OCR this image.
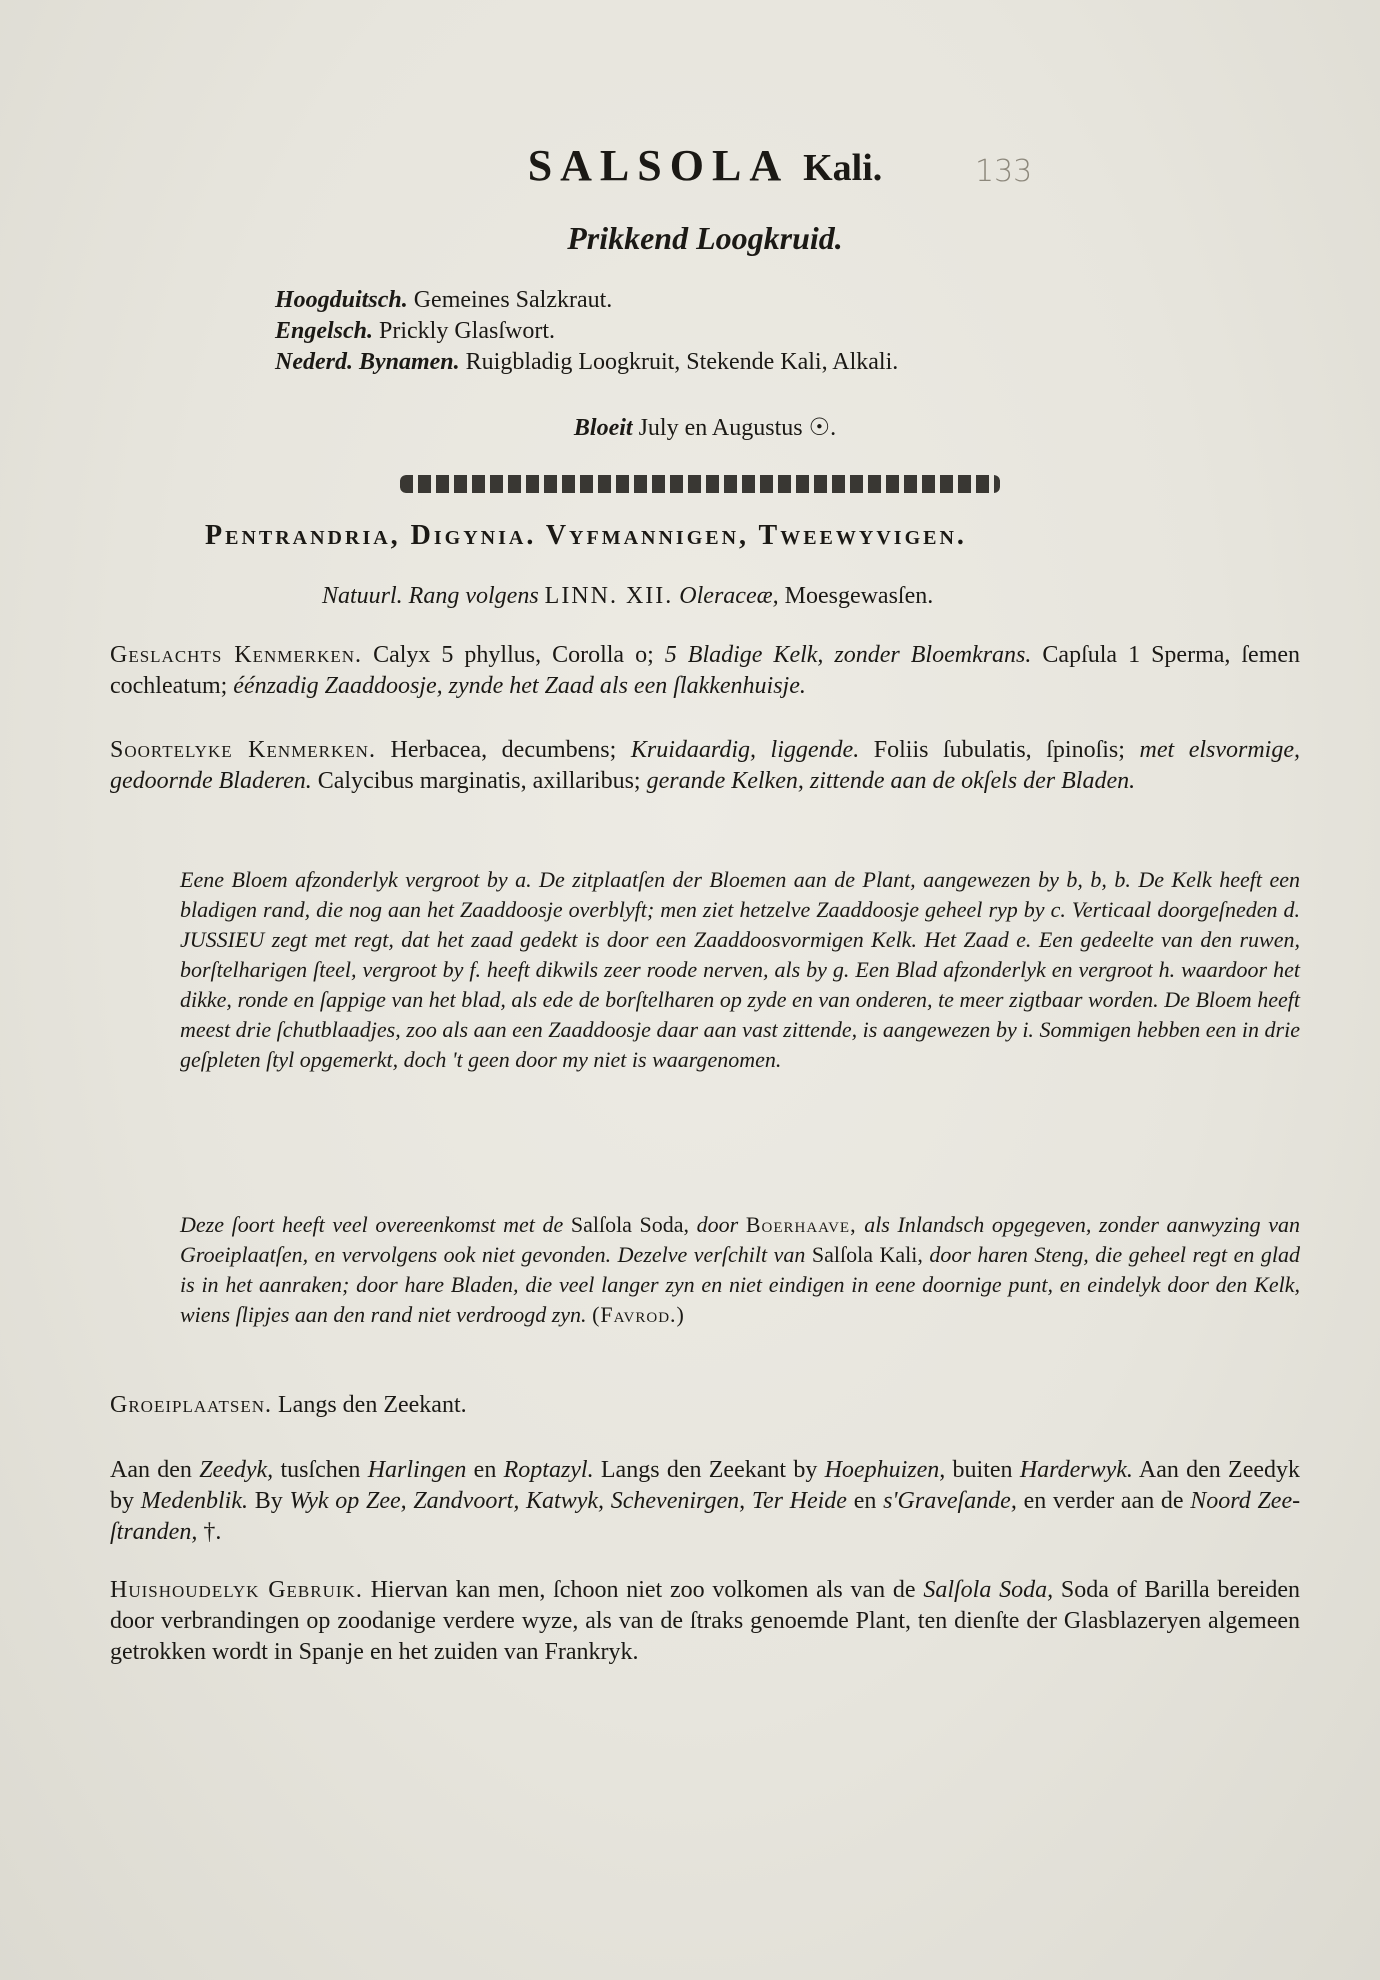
SALSOLA Kali.	133
Prikkend Loogkruid.
Hoogduitsch. Gemeines Salzkraut.
Engelsch. Prickly Glasſwort.
Nederd. Bynamen. Ruigbladig Loogkruit, Stekende Kali, Alkali.
Bloeit July en Augustus ☉.
Pentrandria, Digynia. Vyfmannigen, Tweewyvigen.
Natuurl. Rang volgens LINN. XII. Oleraceæ, Moesgewasſen.
Geslachts Kenmerken. Calyx 5 phyllus, Corolla o; 5 Bladige Kelk, zonder Bloemkrans. Capſula 1 Sperma, ſemen cochleatum; éénzadig Zaaddoosje, zynde het Zaad als een ſlakkenhuisje.
Soortelyke Kenmerken. Herbacea, decumbens; Kruidaardig, liggende. Foliis ſubulatis, ſpinoſis; met elsvormige, gedoornde Bladeren. Calycibus marginatis, axillaribus; gerande Kelken, zittende aan de okſels der Bladen.
Eene Bloem afzonderlyk vergroot by a. De zitplaatſen der Bloemen aan de Plant, aangewezen by b, b, b. De Kelk heeft een bladigen rand, die nog aan het Zaaddoosje overblyft; men ziet hetzelve Zaaddoosje geheel ryp by c. Verticaal doorgeſneden d. JUSSIEU zegt met regt, dat het zaad gedekt is door een Zaaddoosvormigen Kelk. Het Zaad e. Een gedeelte van den ruwen, borſtelharigen ſteel, vergroot by f. heeft dikwils zeer roode nerven, als by g. Een Blad afzonderlyk en vergroot h. waardoor het dikke, ronde en ſappige van het blad, als ede de borſtelharen op zyde en van onderen, te meer zigtbaar worden. De Bloem heeft meest drie ſchutblaadjes, zoo als aan een Zaaddoosje daar aan vast zittende, is aangewezen by i. Sommigen hebben een in drie geſpleten ſtyl opgemerkt, doch 't geen door my niet is waargenomen.
Deze ſoort heeft veel overeenkomst met de Salſola Soda, door Boerhaave, als Inlandsch opgegeven, zonder aanwyzing van Groeiplaatſen, en vervolgens ook niet gevonden. Dezelve verſchilt van Salſola Kali, door haren Steng, die geheel regt en glad is in het aanraken; door hare Bladen, die veel langer zyn en niet eindigen in eene doornige punt, en eindelyk door den Kelk, wiens ſlipjes aan den rand niet verdroogd zyn. (Favrod.)
Groeiplaatsen. Langs den Zeekant.
Aan den Zeedyk, tusſchen Harlingen en Roptazyl. Langs den Zeekant by Hoephuizen, buiten Harderwyk. Aan den Zeedyk by Medenblik. By Wyk op Zee, Zandvoort, Katwyk, Schevenirgen, Ter Heide en s'Graveſande, en verder aan de Noord Zee-ſtranden, †.
Huishoudelyk Gebruik. Hiervan kan men, ſchoon niet zoo volkomen als van de Salſola Soda, Soda of Barilla bereiden door verbrandingen op zoodanige verdere wyze, als van de ſtraks genoemde Plant, ten dienſte der Glasblazeryen algemeen getrokken wordt in Spanje en het zuiden van Frankryk.
